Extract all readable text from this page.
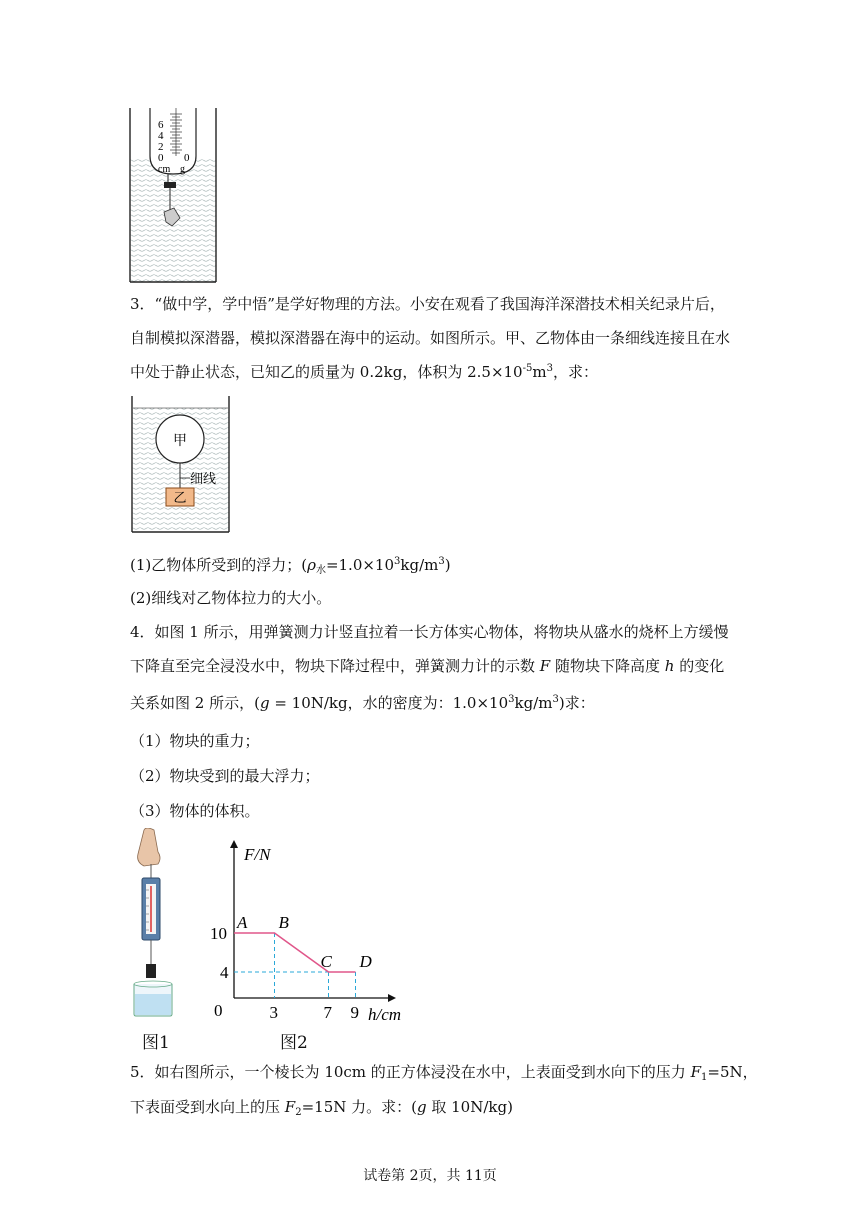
6
4
2
0
cm
0
g
3．“做中学，学中悟”是学好物理的方法。小安在观看了我国海洋深潜技术相关纪录片后，
自制模拟深潜器，模拟深潜器在海中的运动。如图所示。甲、乙物体由一条细线连接且在水
中处于静止状态，已知乙的质量为 0.2kg，体积为 $2.5\times 10^{-5}m^3$，求：
甲
细线
乙
(1)乙物体所受到的浮力；$(\rho_水=1.0\times 10^3kg/m^3)$
(2)细线对乙物体拉力的大小。
4．如图 1 所示，用弹簧测力计竖直拉着一长方体实心物体，将物块从盛水的烧杯上方缓慢
下降直至完全浸没水中，物块下降过程中，弹簧测力计的示数 F 随物块下降高度 h 的变化
关系如图 2 所示，(g = 10N/kg，水的密度为：$1.0\times 10^3kg/m^3$)求：
（1）物块的重力；
（2）物块受到的最大浮力；
（3）物体的体积。
图1
F/N
h/cm
0
A B
C D
3	7 9
10
4
图2
5．如右图所示，一个棱长为 10cm 的正方体浸没在水中，上表面受到水向下的压力 $F_1=5N$，
下表面受到水向上的压 $F_2=15N$ 力。求：(g 取 10N/kg)
试卷第 2页，共 11页
